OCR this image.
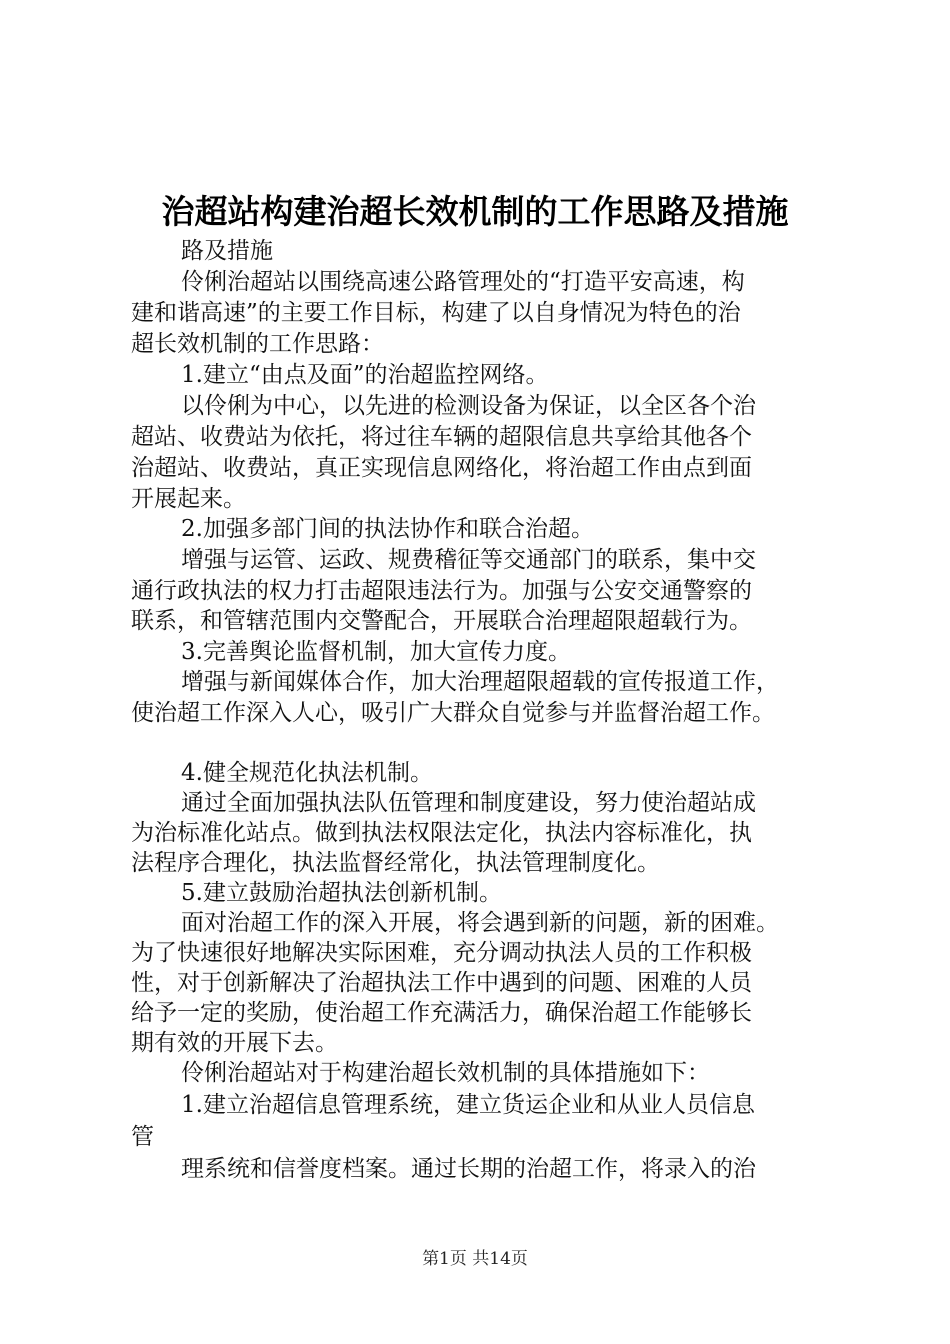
治超站构建治超长效机制的工作思路及措施
路及措施
伶俐治超站以围绕高速公路管理处的“打造平安高速，构
建和谐高速”的主要工作目标，构建了以自身情况为特色的治
超长效机制的工作思路：
1.建立“由点及面”的治超监控网络。
以伶俐为中心，以先进的检测设备为保证，以全区各个治
超站、收费站为依托，将过往车辆的超限信息共享给其他各个
治超站、收费站，真正实现信息网络化，将治超工作由点到面
开展起来。
2.加强多部门间的执法协作和联合治超。
增强与运管、运政、规费稽征等交通部门的联系，集中交
通行政执法的权力打击超限违法行为。加强与公安交通警察的
联系，和管辖范围内交警配合，开展联合治理超限超载行为。
3.完善舆论监督机制，加大宣传力度。
增强与新闻媒体合作，加大治理超限超载的宣传报道工作，
使治超工作深入人心，吸引广大群众自觉参与并监督治超工作。
4.健全规范化执法机制。
通过全面加强执法队伍管理和制度建设，努力使治超站成
为治标准化站点。做到执法权限法定化，执法内容标准化，执
法程序合理化，执法监督经常化，执法管理制度化。
5.建立鼓励治超执法创新机制。
面对治超工作的深入开展，将会遇到新的问题，新的困难。
为了快速很好地解决实际困难，充分调动执法人员的工作积极
性，对于创新解决了治超执法工作中遇到的问题、困难的人员
给予一定的奖励，使治超工作充满活力，确保治超工作能够长
期有效的开展下去。
伶俐治超站对于构建治超长效机制的具体措施如下：
1.建立治超信息管理系统，建立货运企业和从业人员信息
管
理系统和信誉度档案。通过长期的治超工作，将录入的治
第1页 共14页
